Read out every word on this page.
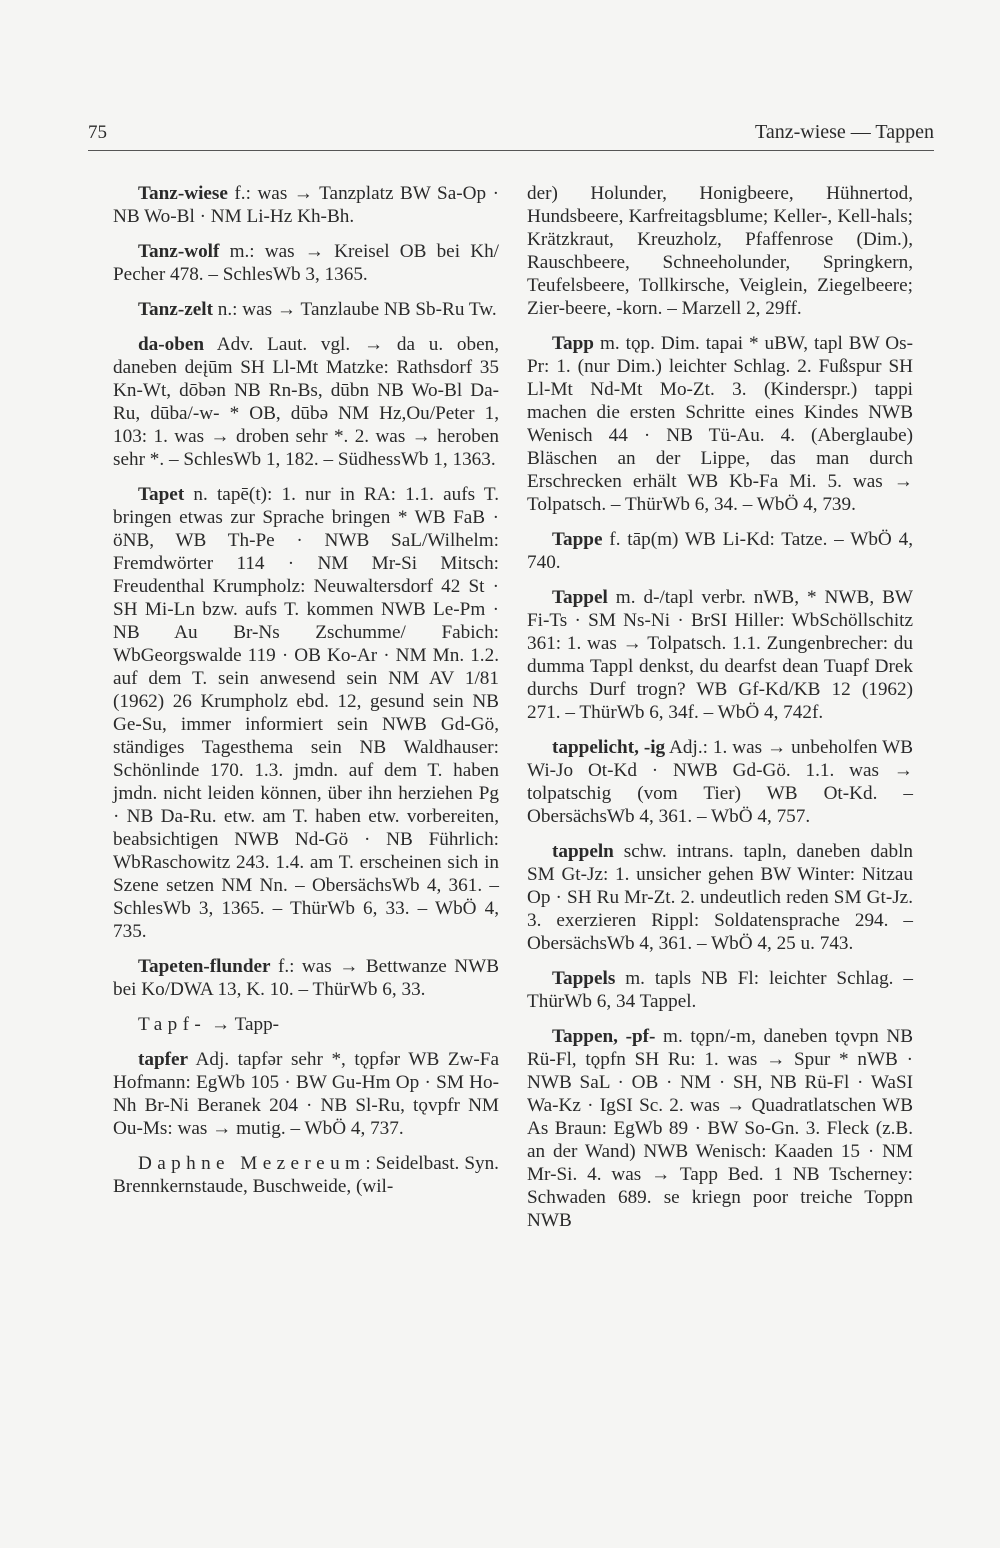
75	Tanz-wiese — Tappen

Tanz-wiese f.: was → Tanzplatz BW Sa-Op · NB Wo-Bl · NM Li-Hz Kh-Bh.

Tanz-wolf m.: was → Kreisel OB bei Kh/ Pecher 478. – SchlesWb 3, 1365.

Tanz-zelt n.: was → Tanzlaube NB Sb-Ru Tw.

da-oben Adv. Laut. vgl. → da u. oben, daneben deįūm SH Ll-Mt Matzke: Rathsdorf 35 Kn-Wt, dōbən NB Rn-Bs, dūbn NB Wo-Bl Da-Ru, dūba/-w- * OB, dūbə NM Hz,Ou/Peter 1, 103: 1. was → droben sehr *. 2. was → heroben sehr *. – SchlesWb 1, 182. – SüdhessWb 1, 1363.

Tapet n. tapē(t): 1. nur in RA: 1.1. aufs T. bringen etwas zur Sprache bringen * WB FaB · öNB, WB Th-Pe · NWB SaL/Wilhelm: Fremdwörter 114 · NM Mr-Si Mitsch: Freudenthal Krumpholz: Neuwaltersdorf 42 St · SH Mi-Ln bzw. aufs T. kommen NWB Le-Pm · NB Au Br-Ns Zschumme/ Fabich: WbGeorgswalde 119 · OB Ko-Ar · NM Mn. 1.2. auf dem T. sein anwesend sein NM AV 1/81 (1962) 26 Krumpholz ebd. 12, gesund sein NB Ge-Su, immer informiert sein NWB Gd-Gö, ständiges Tagesthema sein NB Waldhauser: Schönlinde 170. 1.3. jmdn. auf dem T. haben jmdn. nicht leiden können, über ihn herziehen Pg · NB Da-Ru. etw. am T. haben etw. vorbereiten, beabsichtigen NWB Nd-Gö · NB Führlich: WbRaschowitz 243. 1.4. am T. erscheinen sich in Szene setzen NM Nn. – ObersächsWb 4, 361. – SchlesWb 3, 1365. – ThürWb 6, 33. – WbÖ 4, 735.

Tapeten-flunder f.: was → Bettwanze NWB bei Ko/DWA 13, K. 10. – ThürWb 6, 33.

Tapf- → Tapp-

tapfer Adj. tapfər sehr *, tǫpfər WB Zw-Fa Hofmann: EgWb 105 · BW Gu-Hm Op · SM Ho-Nh Br-Ni Beranek 204 · NB Sl-Ru, tǫvpfr NM Ou-Ms: was → mutig. – WbÖ 4, 737.

Daphne Mezereum: Seidelbast. Syn. Brennkernstaude, Buschweide, (wil-

der) Holunder, Honigbeere, Hühnertod, Hundsbeere, Karfreitagsblume; Keller-, Kell-hals; Krätzkraut, Kreuzholz, Pfaffenrose (Dim.), Rauschbeere, Schneeholunder, Springkern, Teufelsbeere, Tollkirsche, Veiglein, Ziegelbeere; Zier-beere, -korn. – Marzell 2, 29ff.

Tapp m. tǫp. Dim. tapai * uBW, tapl BW Os-Pr: 1. (nur Dim.) leichter Schlag. 2. Fußspur SH Ll-Mt Nd-Mt Mo-Zt. 3. (Kinderspr.) tappi machen die ersten Schritte eines Kindes NWB Wenisch 44 · NB Tü-Au. 4. (Aberglaube) Bläschen an der Lippe, das man durch Erschrecken erhält WB Kb-Fa Mi. 5. was → Tolpatsch. – ThürWb 6, 34. – WbÖ 4, 739.

Tappe f. tāp(m) WB Li-Kd: Tatze. – WbÖ 4, 740.

Tappel m. d-/tapl verbr. nWB, * NWB, BW Fi-Ts · SM Ns-Ni · BrSI Hiller: WbSchöllschitz 361: 1. was → Tolpatsch. 1.1. Zungenbrecher: du dumma Tappl denkst, du dearfst dean Tuapf Drek durchs Durf trogn? WB Gf-Kd/KB 12 (1962) 271. – ThürWb 6, 34f. – WbÖ 4, 742f.

tappelicht, -ig Adj.: 1. was → unbeholfen WB Wi-Jo Ot-Kd · NWB Gd-Gö. 1.1. was → tolpatschig (vom Tier) WB Ot-Kd. – ObersächsWb 4, 361. – WbÖ 4, 757.

tappeln schw. intrans. tapln, daneben dabln SM Gt-Jz: 1. unsicher gehen BW Winter: Nitzau Op · SH Ru Mr-Zt. 2. undeutlich reden SM Gt-Jz. 3. exerzieren Rippl: Soldatensprache 294. – ObersächsWb 4, 361. – WbÖ 4, 25 u. 743.

Tappels m. tapls NB Fl: leichter Schlag. – ThürWb 6, 34 Tappel.

Tappen, -pf- m. tǫpn/-m, daneben tǫvpn NB Rü-Fl, tǫpfn SH Ru: 1. was → Spur * nWB · NWB SaL · OB · NM · SH, NB Rü-Fl · WaSI Wa-Kz · IgSI Sc. 2. was → Quadratlatschen WB As Braun: EgWb 89 · BW So-Gn. 3. Fleck (z.B. an der Wand) NWB Wenisch: Kaaden 15 · NM Mr-Si. 4. was → Tapp Bed. 1 NB Tscherney: Schwaden 689. se kriegn poor treiche Toppn NWB
